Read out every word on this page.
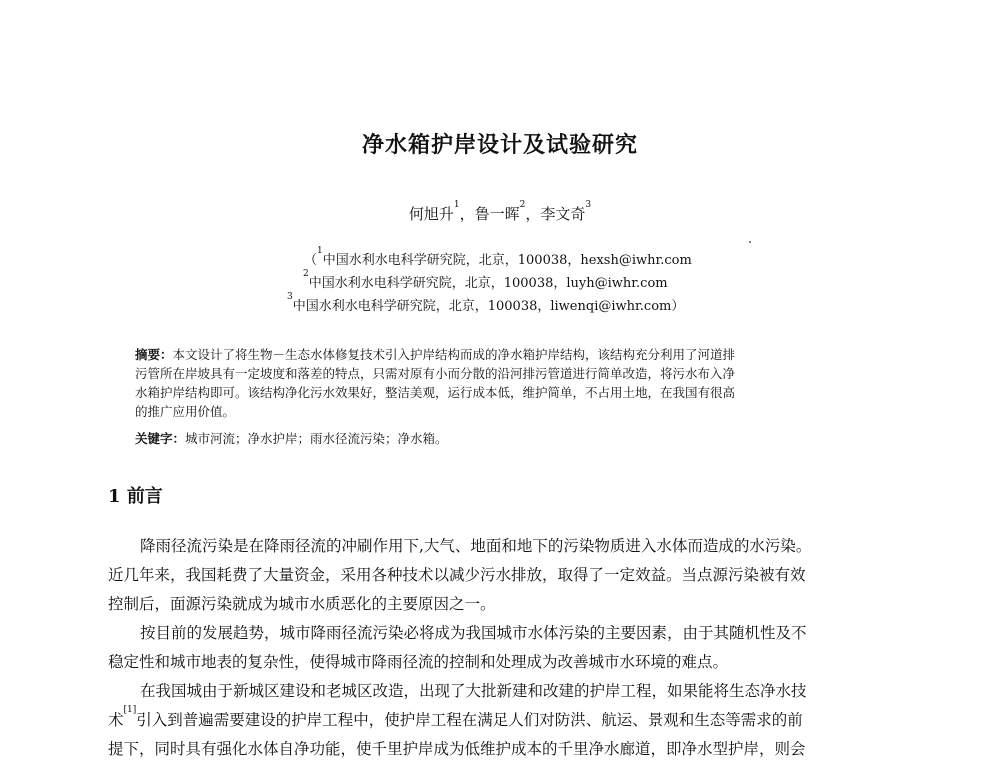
净水箱护岸设计及试验研究
何旭升$^1$，鲁一晖$^2$，李文奇$^3$
（$^1$中国水利水电科学研究院，北京，100038，hexsh@iwhr.com
$^2$中国水利水电科学研究院，北京，100038，luyh@iwhr.com
$^3$中国水利水电科学研究院，北京，100038，liwenqi@iwhr.com）
摘要：本文设计了将生物－生态水体修复技术引入护岸结构而成的净水箱护岸结构，该结构充分利用了河道排
污管所在岸坡具有一定坡度和落差的特点，只需对原有小而分散的沿河排污管道进行简单改造，将污水布入净
水箱护岸结构即可。该结构净化污水效果好，整洁美观，运行成本低，维护简单，不占用土地，在我国有很高
的推广应用价值。
关键字：城市河流；净水护岸；雨水径流污染；净水箱。
1 前言
降雨径流污染是在降雨径流的冲刷作用下,大气、地面和地下的污染物质进入水体而造成的水污染。
近几年来，我国耗费了大量资金，采用各种技术以减少污水排放，取得了一定效益。当点源污染被有效
控制后，面源污染就成为城市水质恶化的主要原因之一。
按目前的发展趋势，城市降雨径流污染必将成为我国城市水体污染的主要因素，由于其随机性及不
稳定性和城市地表的复杂性，使得城市降雨径流的控制和处理成为改善城市水环境的难点。
在我国城由于新城区建设和老城区改造，出现了大批新建和改建的护岸工程，如果能将生态净水技
术[1]引入到普遍需要建设的护岸工程中，使护岸工程在满足人们对防洪、航运、景观和生态等需求的前
提下，同时具有强化水体自净功能，使千里护岸成为低维护成本的千里净水廊道，即净水型护岸，则会
